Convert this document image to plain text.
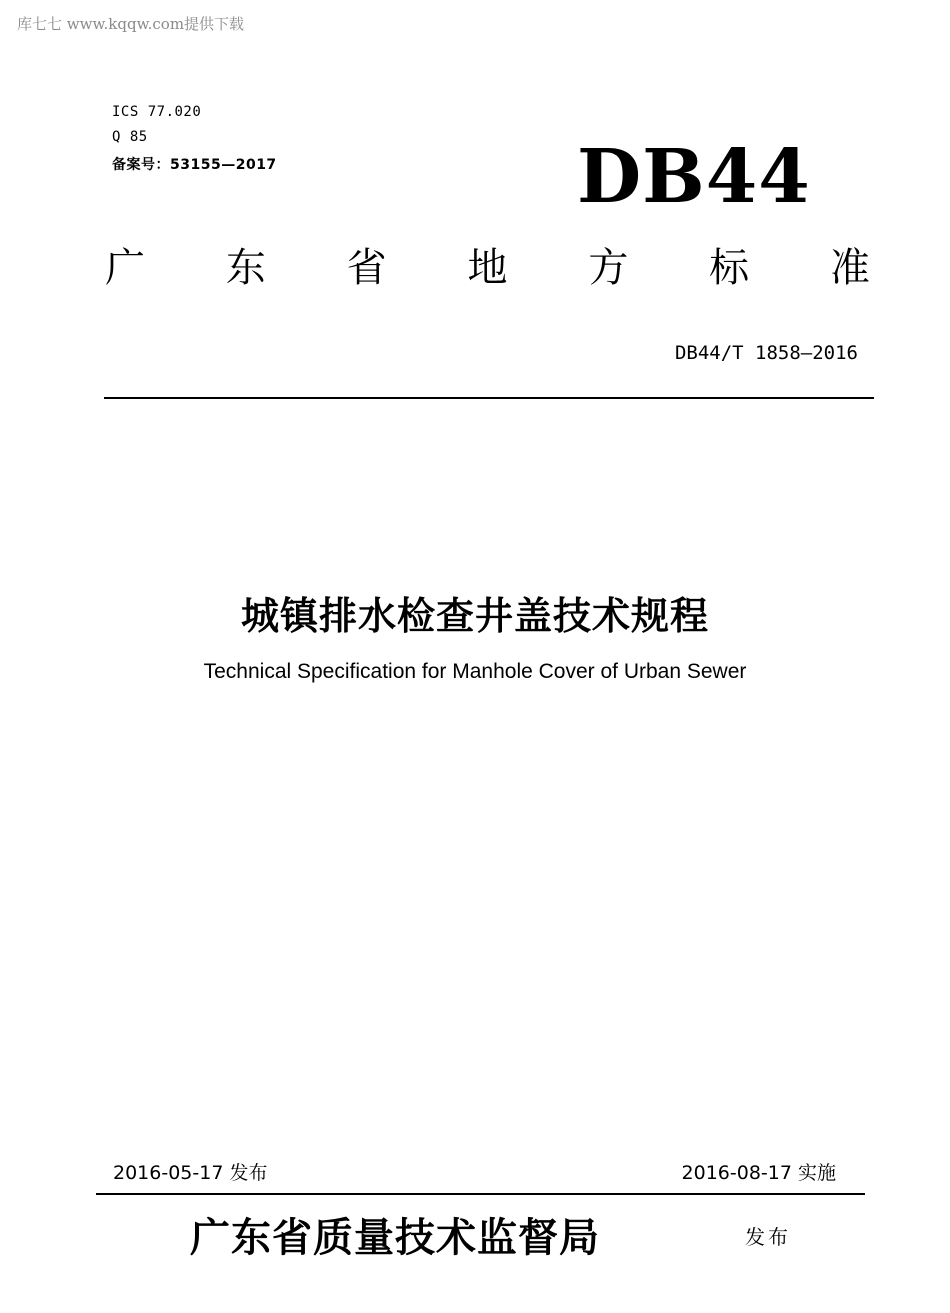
库七七 www.kqqw.com提供下载
ICS 77.020
Q 85
备案号：53155—2017	DB44
广 东 省 地 方 标 准
DB44/T 1858—2016
城镇排水检查井盖技术规程
Technical Specification for Manhole Cover of Urban Sewer
2016-05-17 发布	2016-08-17 实施
广东省质量技术监督局	发布
